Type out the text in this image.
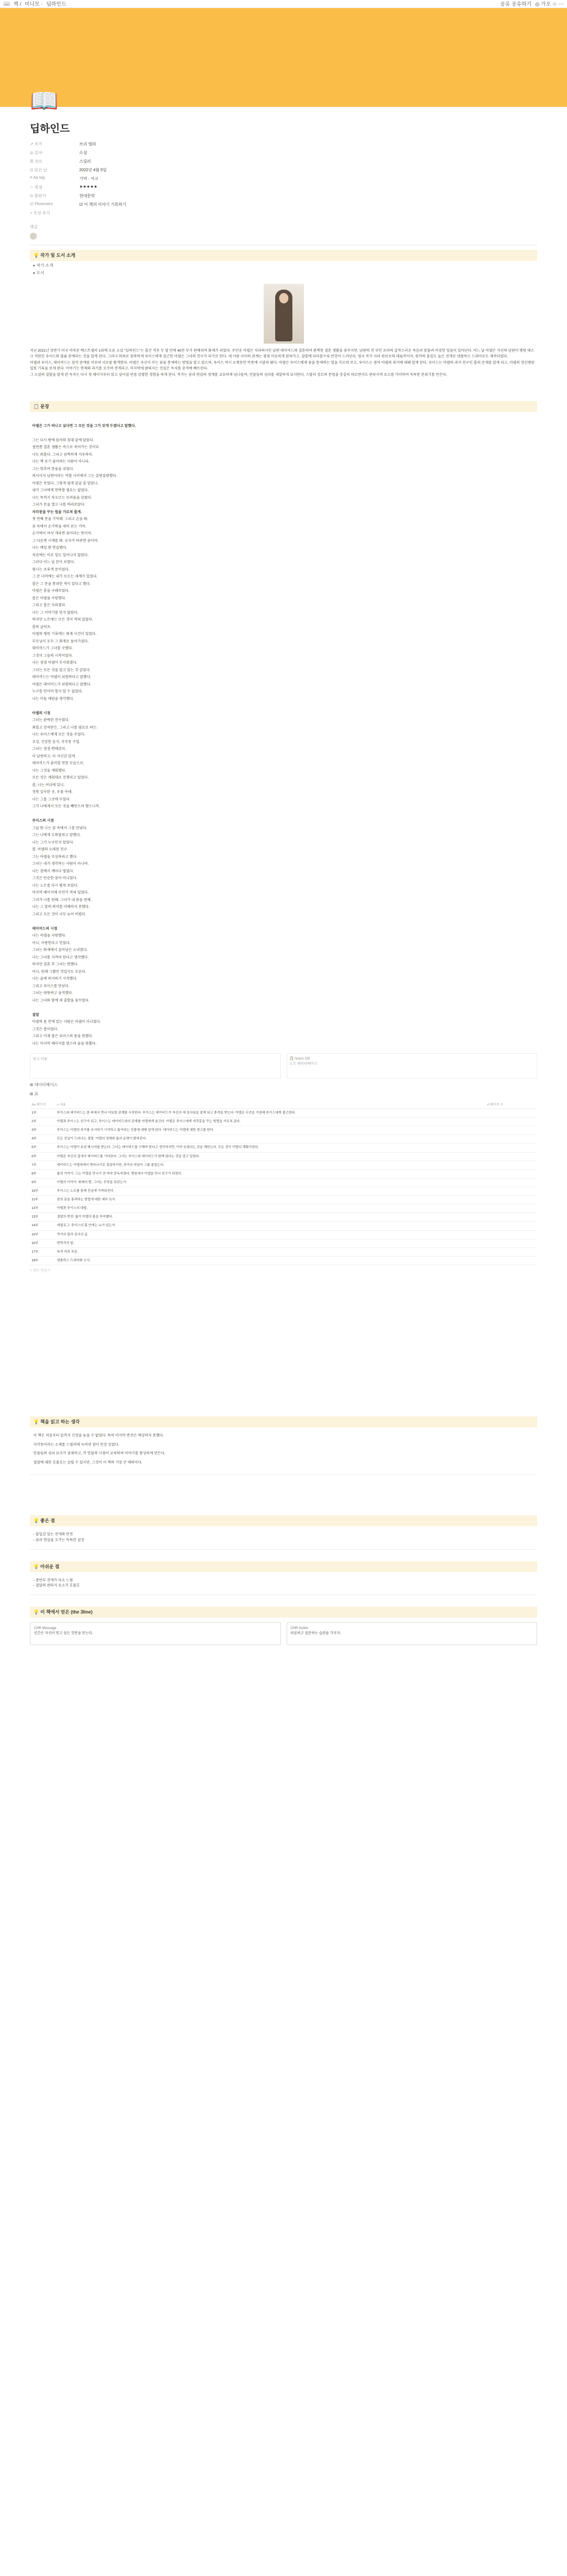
📖 책 / 미니모 · 딥하인드	공유 공유하기 ◎ 가오 ☆ ⋯
📖
딥하인드
↗ 작가	브리 엘라
◎ 분야	소설
☰ 장르	스릴러
⊡ 읽은 날	2022년 4월 5일
≡ Aa tag	기억 · 사고
☆ 평점	★★★★★
⊙ 출판사	현대문학
☑ Flownotes	☑ 이 책의 이야기 기록하기
+ 속성 추가
댓글
💡 작가 및 도서 소개
▸ 작가 소개
▸ 도서
지난 2021년 상반기 미국 아마존 베스트셀러 1위에 오른 소설 "딥하인드"는 출간 직후 두 달 만에 40만 부가 판매되며 화제가 되었다. 주인공 아델은 치과의사인 남편 데이비드와 결혼하여 완벽한 결혼 생활을 꿈꾸지만, 남편의 전 부인 로라의 갑작스러운 죽음과 맞물려 이상한 일들이 일어난다. 어느 날 아델은 자신의 남편이 병원 데스크 직원인 루이스와 불륜 관계라는 것을 알게 된다. 그러나 의외로 침착하게 루이스에게 접근한 아델은 그녀의 친구가 되기로 한다. 세 사람 사이의 관계는 점점 미묘하게 얽혀가고, 결말에 다다를수록 반전이 드러난다. 영국 작가 사라 핀보로의 대표작이자, 원작의 몰입도 높은 전개로 넷플릭스 드라마로도 제작되었다.
아델과 루이스, 데이비드는 삼각 관계를 이루며 서로를 탐색한다. 아델은 자신이 꾸는 꿈을 통제하는 방법을 알고 있으며, 루이스 역시 오랫동안 악몽에 시달려 왔다. 아델은 루이스에게 꿈을 통제하는 법을 가르쳐 주고, 루이스는 점차 아델의 과거에 대해 알게 된다. 루이스는 아델의 과거 친구인 롭의 존재를 알게 되고, 아델의 정신병원 입원 기록을 보게 된다. 이야기는 현재와 과거를 오가며 전개되고, 마지막에 밝혀지는 진실은 독자를 충격에 빠뜨린다.
그 소설의 결말을 알게 된 독자는 다시 첫 페이지부터 읽고 싶어질 만큼 강렬한 경험을 하게 된다. 작가는 꿈과 현실의 경계를 교묘하게 넘나들며, 인물들의 심리를 세밀하게 묘사한다. 스릴러 장르의 문법을 충실히 따르면서도 판타지적 요소를 가미하여 독특한 분위기를 만든다.
📋 문장
아델은 그가 떠나고 싶다면 그 모든 것을 그가 갖게 두겠다고 말했다.
그는 다시 방에 들어와 침대 끝에 앉았다.
절반쯤 결혼 생활은 속으로 죽어가는 것이다
나도 외롭다. 그리고 끔찍하게 지루하다.
나는 책 보기 좋아하는 사람이 아니다.
그는 멈추며 한숨을 쉬었다.
의사이자 남편이라는 역할 사이에서 그는 갈팡질팡했다.
아델은 웃었다. 그렇게 쉽게 끝날 줄 알았니.
내가 그녀에게 연락할 필요는 없었다.
나는 목까지 차오르는 두려움을 삼켰다.
그녀가 문을 열고 나를 바라보았다.
자각몽을 꾸는 법을 가르쳐 줄게.
첫 번째 문을 기억해. 그리고 손을 봐.
꿈 속에서 손가락을 세어 보는 거야.
손가락이 여섯 개라면 꿈이라는 뜻이야.
그 다음엔 시계를 봐. 숫자가 바뀌면 꿈이야.
나는 매일 밤 연습했다.
처음에는 아무 일도 일어나지 않았다.
그러다 어느 날 문이 보였다.
빛나는 초록색 문이었다.
그 문 너머에는 내가 모르는 세계가 있었다.
롭은 그 문을 통과한 적이 있다고 했다.
아델은 롭을 구해주었다.
롭은 아델을 사랑했다.
그리고 롭은 사라졌다.
나는 그 이야기를 믿지 않았다.
하지만 노트에는 모든 것이 적혀 있었다.
롭의 글씨로.
아델의 병원 기록에는 화재 사건이 있었다.
부모님이 모두 그 화재로 돌아가셨다.
데이비드가 그녀를 구했다.
그것이 그들의 시작이었다.
나는 점점 아델이 무서워졌다.
그녀는 모든 것을 알고 있는 것 같았다.
데이비드는 아델이 위험하다고 말했다.
아델은 데이비드가 위험하다고 말했다.
누구를 믿어야 할지 알 수 없었다.
나는 아들 애덤을 생각했다.
아델의 시점
그녀는 완벽한 친구였다.
외롭고 상처받은, 그리고 나를 필요로 하는.
나는 루이스에게 모든 것을 주었다.
조깅, 건강한 음식, 자각몽 수업.
그녀는 점점 변해갔다.
더 날씬하고, 더 자신감 있게.
데이비드가 좋아할 만한 모습으로.
나는 그것을 계획했다.
모든 것은 계획대로 진행되고 있었다.
롭, 너는 어디에 있니.
정원 깊숙한 곳, 우물 아래.
나는 그를 그곳에 두었다.
그가 나에게서 모든 것을 빼앗으려 했으니까.
루이스의 시점
그날 밤 나는 꿈 속에서 그를 만났다.
그는 나에게 도와달라고 말했다.
나는 그가 누구인지 알았다.
롭. 아델의 오래된 친구.
그는 아델을 조심하라고 했다.
그녀는 네가 생각하는 사람이 아니야.
나는 잠에서 깨어나 떨었다.
그것은 단순한 꿈이 아니었다.
나는 노트를 다시 펼쳐 보았다.
마지막 페이지에 무언가 적혀 있었다.
그녀가 나를 원해. 그녀가 내 몸을 원해.
나는 그 말의 의미를 이해하지 못했다.
그리고 모든 것이 너무 늦어 버렸다.
데이비드의 시점
나는 아델을 사랑했다.
아니, 사랑한다고 믿었다.
그녀는 화재에서 살아남은 소녀였다.
나는 그녀를 지켜야 한다고 생각했다.
하지만 결혼 후 그녀는 변했다.
아니, 원래 그랬던 것일지도 모른다.
나는 술에 의지하기 시작했다.
그리고 루이스를 만났다.
그녀는 따뜻하고 솔직했다.
나는 그녀와 함께 새 출발을 꿈꾸었다.
결말
아델의 몸 안에 있는 사람은 아델이 아니었다.
그것은 롭이었다.
그리고 이제 롭은 루이스의 몸을 원했다.
나는 마지막 페이지를 덮으며 숨을 멈췄다.
링크 이름	📋 Notes DB
노트 데이터베이스
⊞ 데이터베이스
⊞ 표
Aa 페이지	≡ 내용	# 페이지 수
1부	루이스와 데이비드는 한 바에서 만나 미묘한 관계를 시작한다. 루이스는 데이비드가 자신의 새 상사임을 알게 되고 충격을 받는다. 아델은 우연을 가장해 루이스에게 접근한다.	
2부	아델과 루이스는 친구가 되고, 루이스는 데이비드와의 관계를 아델에게 숨긴다. 아델은 루이스에게 자각몽을 꾸는 방법을 가르쳐 준다.	
3부	루이스는 아델의 과거를 조사하기 시작하고 롭이라는 인물에 대해 알게 된다. 데이비드는 아델에 대한 경고를 한다.	
4부	모든 진실이 드러나는 결말. 아델의 정체와 롭의 운명이 밝혀진다.	
5부	루이스는 아델이 보낸 메시지를 받는다. 그녀는 데이비드를 구해야 한다고 생각하지만, 이미 늦었다는 것을 깨닫는다. 모든 것이 아델의 계획이었다.	
6부	아델은 자신의 집에서 데이비드를 기다린다. 그녀는 루이스와 데이비드가 함께 있다는 것을 알고 있었다.	
7부	데이비드는 아델에게서 벗어나기로 결심하지만, 과거의 비밀이 그를 붙잡는다.	
8부	롭의 이야기: 그는 아델을 만나기 전 마약 중독자였다. 병원에서 아델을 만나 친구가 되었다.	
9부	아델의 이야기: 화재의 밤, 그녀는 무엇을 보았는가.	
10부	루이스는 노트를 통해 진실에 가까워진다.	
11부	꿈의 문을 통과하는 방법에 대한 세부 묘사.	
12부	아델과 루이스의 대립.	
13부	결말의 반전: 롭이 아델의 몸을 차지했다.	
14부	에필로그: 루이스의 몸 안에는 누가 있는가.	
15부	작가의 말과 감사의 글.	
16부	번역가의 말.	
17부	독자 리뷰 모음.	
18부	넷플릭스 드라마화 소식.	
+ 새로 만들기
💡 책을 읽고 하는 생각

이 책은 처음부터 끝까지 긴장을 놓을 수 없었다. 특히 마지막 반전은 예상하지 못했다.

자각몽이라는 소재를 스릴러에 녹여낸 점이 인상 깊었다.

인물들의 심리 묘사가 섬세하고, 각 인물의 시점이 교차하며 이야기를 풍성하게 만든다.

결말에 대한 호불호는 갈릴 수 있지만, 그것이 이 책의 가장 큰 매력이다.

💡 좋은 점
◦ 몰입감 있는 전개와 반전
◦ 꿈과 현실을 오가는 독특한 설정
💡 아쉬운 점
◦ 중반부 전개가 다소 느림
◦ 결말의 판타지 요소가 호불호
💡 이 책에서 얻은 (the 3line)
CHR Message
인간은 자신이 믿고 싶은 것만을 믿는다.
CHR Action
의심하고 질문하는 습관을 가지자.
